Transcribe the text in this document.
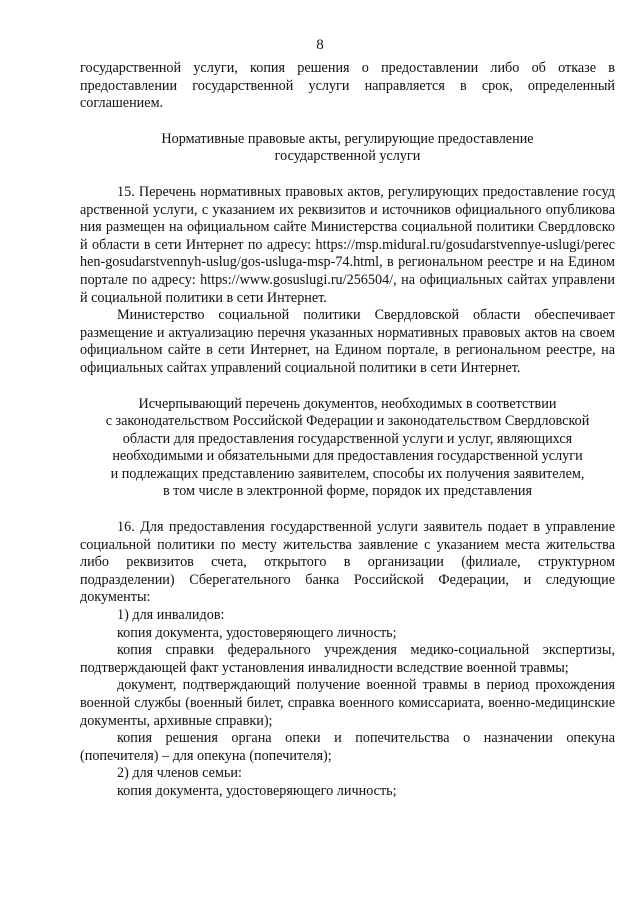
8

государственной услуги, копия решения о предоставлении либо об отказе в предоставлении государственной услуги направляется в срок, определенный соглашением.

Нормативные правовые акты, регулирующие предоставление
государственной услуги

15. Перечень нормативных правовых актов, регулирующих предоставление государственной услуги, с указанием их реквизитов и источников официального опубликования размещен на официальном сайте Министерства социальной политики Свердловской области в сети Интернет по адресу: https://msp.midural.ru/gosudarstvennye-uslugi/perechen-gosudarstvennyh-uslug/gos-usluga-msp-74.html, в региональном реестре и на Едином портале по адресу: https://www.gosuslugi.ru/256504/, на официальных сайтах управлений социальной политики в сети Интернет.

Министерство социальной политики Свердловской области обеспечивает размещение и актуализацию перечня указанных нормативных правовых актов на своем официальном сайте в сети Интернет, на Едином портале, в региональном реестре, на официальных сайтах управлений социальной политики в сети Интернет.

Исчерпывающий перечень документов, необходимых в соответствии
с законодательством Российской Федерации и законодательством Свердловской
области для предоставления государственной услуги и услуг, являющихся
необходимыми и обязательными для предоставления государственной услуги
и подлежащих представлению заявителем, способы их получения заявителем,
в том числе в электронной форме, порядок их представления

16. Для предоставления государственной услуги заявитель подает в управление социальной политики по месту жительства заявление с указанием места жительства либо реквизитов счета, открытого в организации (филиале, структурном подразделении) Сберегательного банка Российской Федерации, и следующие документы:

1) для инвалидов:

копия документа, удостоверяющего личность;

копия справки федерального учреждения медико-социальной экспертизы, подтверждающей факт установления инвалидности вследствие военной травмы;

документ, подтверждающий получение военной травмы в период прохождения военной службы (военный билет, справка военного комиссариата, военно-медицинские документы, архивные справки);

копия решения органа опеки и попечительства о назначении опекуна (попечителя) – для опекуна (попечителя);

2) для членов семьи:

копия документа, удостоверяющего личность;
